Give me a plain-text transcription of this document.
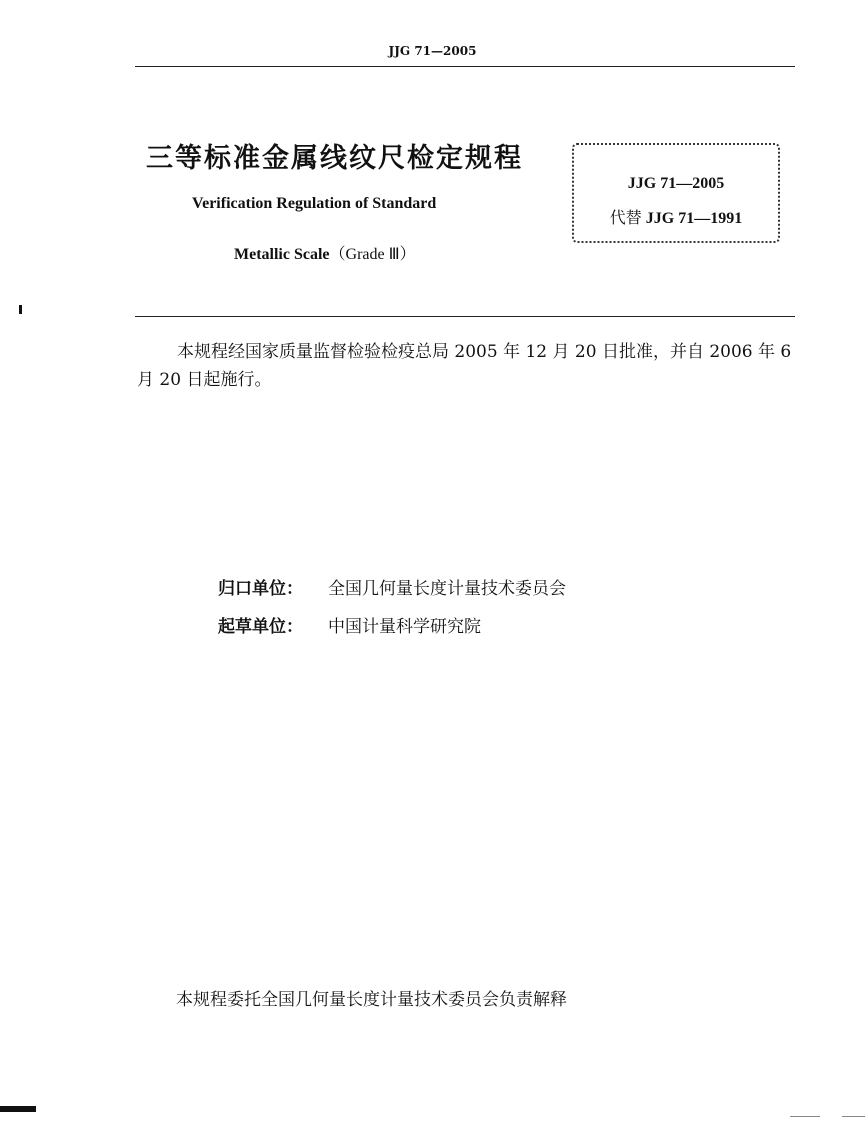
JJG 71—2005
三等标准金属线纹尺检定规程
Verification Regulation of Standard
Metallic Scale（Grade Ⅲ）
JJG 71—2005
代替 JJG 71—1991
本规程经国家质量监督检验检疫总局 2005 年 12 月 20 日批准，并自 2006 年 6 月 20 日起施行。
归口单位： 全国几何量长度计量技术委员会
起草单位： 中国计量科学研究院
本规程委托全国几何量长度计量技术委员会负责解释
